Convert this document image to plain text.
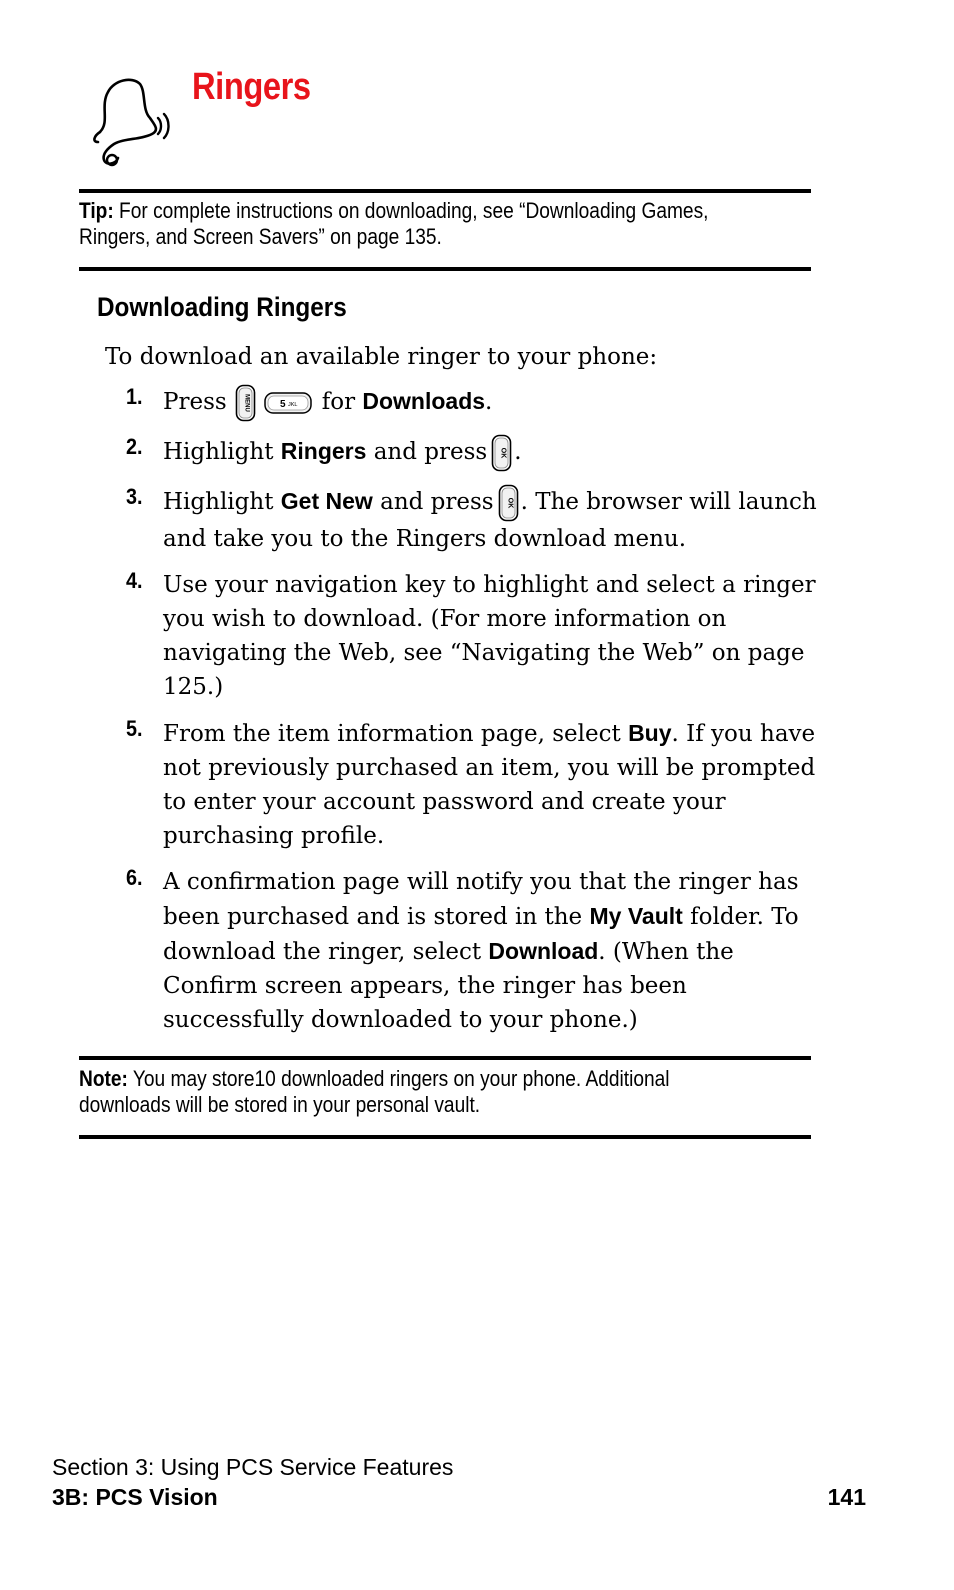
Ringers
Tip: For complete instructions on downloading, see “Downloading Games,
Ringers, and Screen Savers” on page 135.
Downloading Ringers

To download an available ringer to your phone:

1. Press	MENU	5 JKL for Downloads.
2. Highlight Ringers and press OK .
3. Highlight Get New and press OK . The browser will launch and take you to the Ringers download menu.
4. Use your navigation key to highlight and select a ringer you wish to download. (For more information on navigating the Web, see “Navigating the Web” on page 125.)
5. From the item information page, select Buy. If you have not previously purchased an item, you will be prompted to enter your account password and create your purchasing profile.
6. A confirmation page will notify you that the ringer has been purchased and is stored in the My Vault folder. To download the ringer, select Download. (When the Confirm screen appears, the ringer has been successfully downloaded to your phone.)
Note: You may store10 downloaded ringers on your phone. Additional
downloads will be stored in your personal vault.

Section 3: Using PCS Service Features

3B: PCS Vision	141
